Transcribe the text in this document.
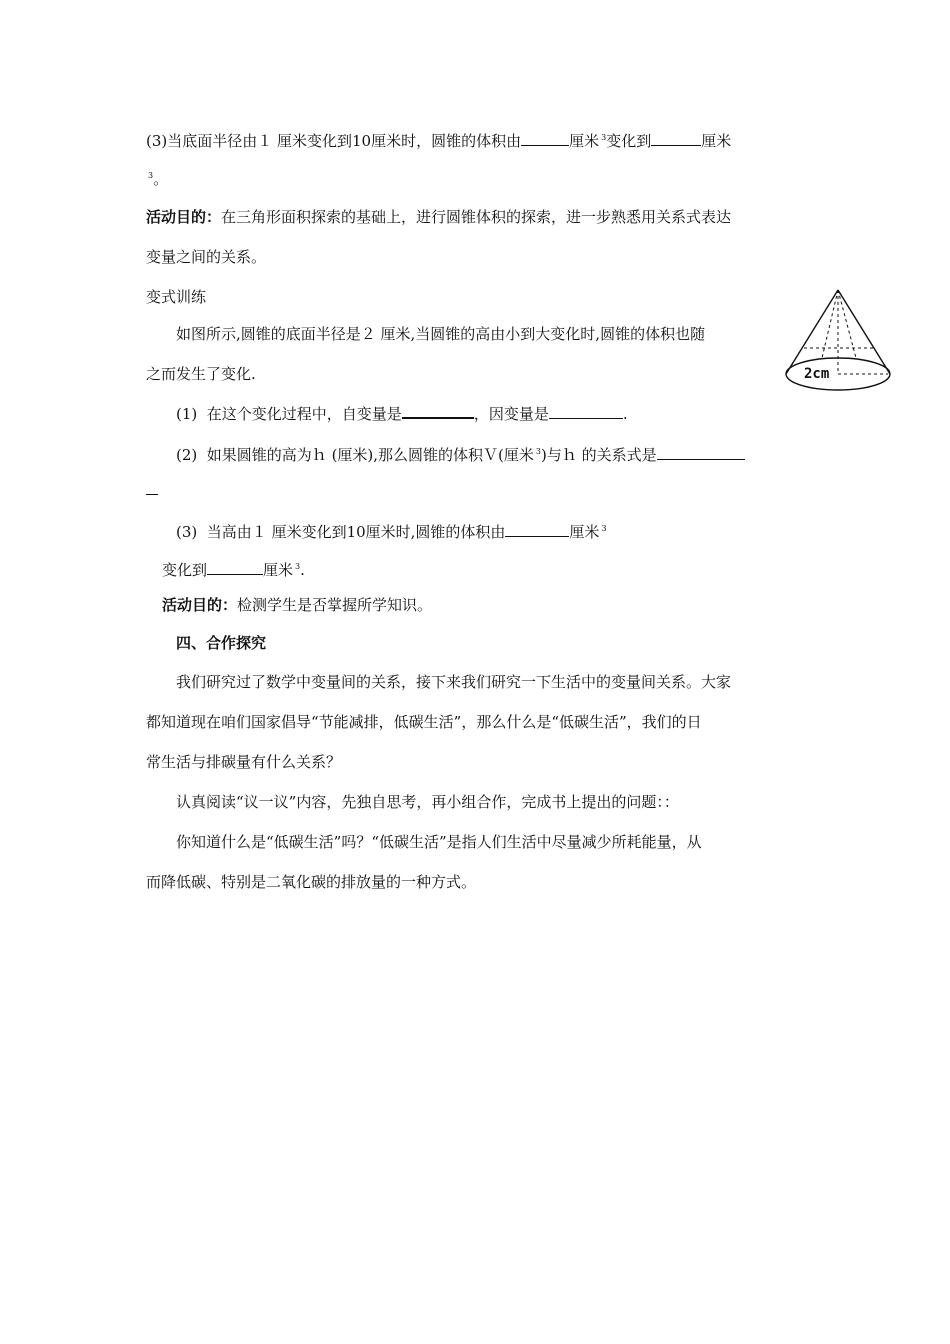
(3)当底面半径由１ 厘米变化到10厘米时，圆锥的体积由	厘米 $^3$变化到	厘米
$^3$。
活动目的：在三角形面积探索的基础上，进行圆锥体积的探索，进一步熟悉用关系式表达
变量之间的关系。
变式训练
如图所示,圆锥的底面半径是２ 厘米,当圆锥的高由小到大变化时,圆锥的体积也随
之而发生了变化.	2cm
(1) 在这个变化过程中，自变量是	，因变量是	.
(2) 如果圆锥的高为ｈ (厘米),那么圆锥的体积Ｖ(厘米 $^3$)与ｈ 的关系式是
(3) 当高由１ 厘米变化到10厘米时,圆锥的体积由	厘米 $^3$
变化到	厘米 $^3$.
活动目的：检测学生是否掌握所学知识。
四、合作探究
我们研究过了数学中变量间的关系，接下来我们研究一下生活中的变量间关系。大家
都知道现在咱们国家倡导“节能减排，低碳生活”，那么什么是“低碳生活”，我们的日
常生活与排碳量有什么关系？
认真阅读“议一议”内容，先独自思考，再小组合作，完成书上提出的问题：：
你知道什么是“低碳生活”吗？“低碳生活”是指人们生活中尽量减少所耗能量，从
而降低碳、特别是二氧化碳的排放量的一种方式。
